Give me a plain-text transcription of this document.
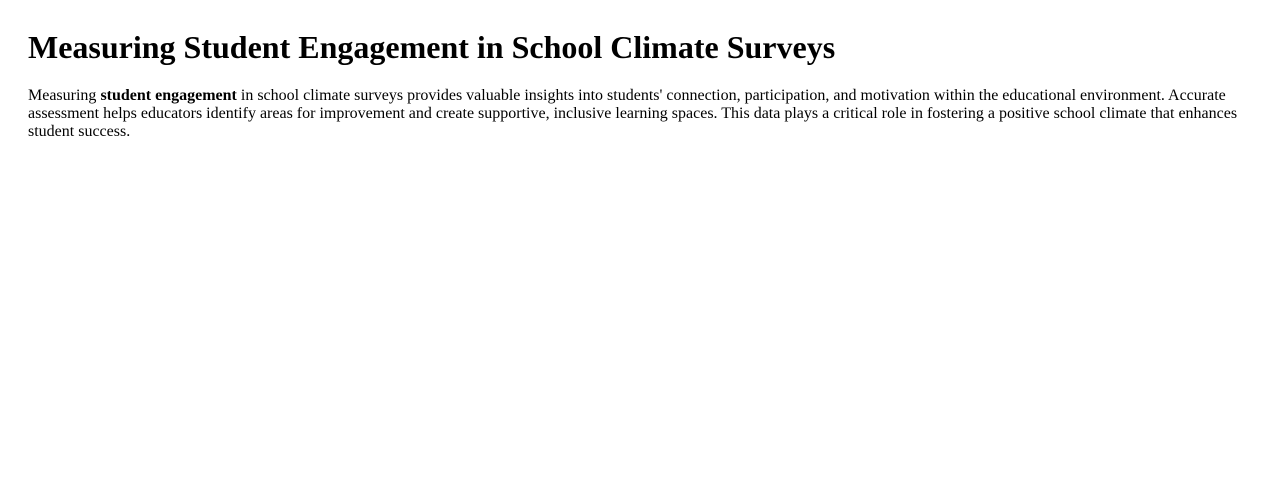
Measuring Student Engagement in School Climate Surveys

Measuring student engagement in school climate surveys provides valuable insights into students' connection, participation, and motivation within the educational environment. Accurate assessment helps educators identify areas for improvement and create supportive, inclusive learning spaces. This data plays a critical role in fostering a positive school climate that enhances student success.
